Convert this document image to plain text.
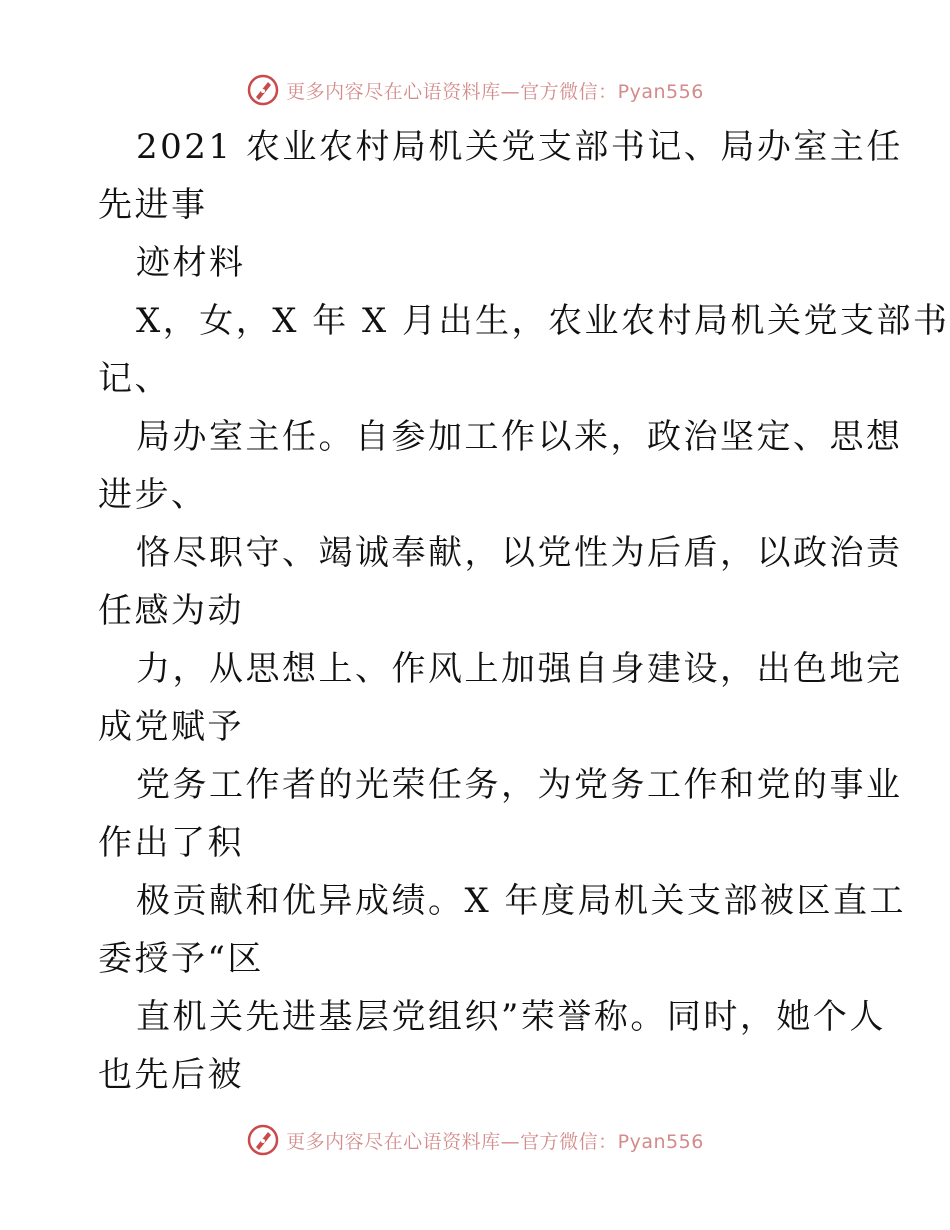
更多内容尽在心语资料库—官方微信：Pyan556
2021 农业农村局机关党支部书记、局办室主任
先进事
迹材料
X，女，X 年 X 月出生，农业农村局机关党支部书
记、
局办室主任。自参加工作以来，政治坚定、思想
进步、
恪尽职守、竭诚奉献，以党性为后盾，以政治责
任感为动
力，从思想上、作风上加强自身建设，出色地完
成党赋予
党务工作者的光荣任务，为党务工作和党的事业
作出了积
极贡献和优异成绩。X 年度局机关支部被区直工
委授予“区
直机关先进基层党组织”荣誉称。同时，她个人
也先后被
更多内容尽在心语资料库—官方微信：Pyan556
